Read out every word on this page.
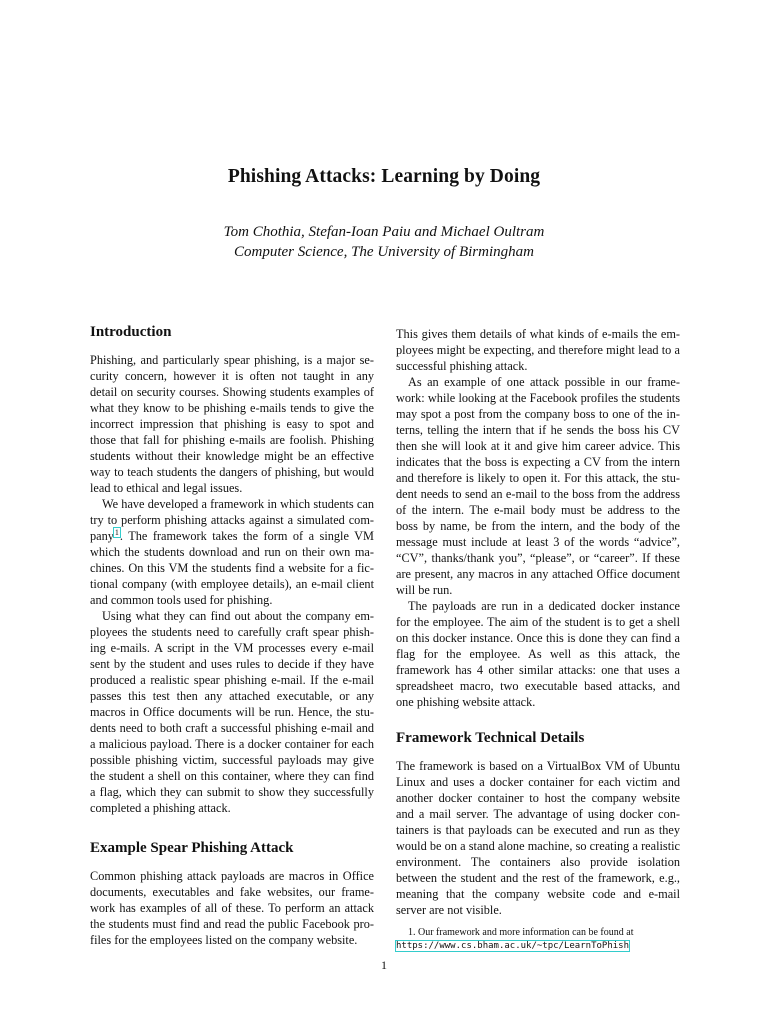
Phishing Attacks: Learning by Doing
Tom Chothia, Stefan-Ioan Paiu and Michael Oultram
Computer Science, The University of Birmingham
Introduction

Phishing, and particularly spear phishing, is a major security concern, however it is often not taught in any detail on security courses. Showing students examples of what they know to be phishing e-mails tends to give the incorrect impression that phishing is easy to spot and those that fall for phishing e-mails are foolish. Phishing students without their knowledge might be an effective way to teach students the dangers of phishing, but would lead to ethical and legal issues.

We have developed a framework in which students can try to perform phishing attacks against a simulated company$^1$. The framework takes the form of a single VM which the students download and run on their own machines. On this VM the students find a website for a fictional company (with employee details), an e-mail client and common tools used for phishing.

Using what they can find out about the company employees the students need to carefully craft spear phishing e-mails. A script in the VM processes every e-mail sent by the student and uses rules to decide if they have produced a realistic spear phishing e-mail. If the e-mail passes this test then any attached executable, or any macros in Office documents will be run. Hence, the students need to both craft a successful phishing e-mail and a malicious payload. There is a docker container for each possible phishing victim, successful payloads may give the student a shell on this container, where they can find a flag, which they can submit to show they successfully completed a phishing attack.

Example Spear Phishing Attack

Common phishing attack payloads are macros in Office documents, executables and fake websites, our framework has examples of all of these. To perform an attack the students must find and read the public Facebook profiles for the employees listed on the company website.

This gives them details of what kinds of e-mails the employees might be expecting, and therefore might lead to a successful phishing attack.

As an example of one attack possible in our framework: while looking at the Facebook profiles the students may spot a post from the company boss to one of the interns, telling the intern that if he sends the boss his CV then she will look at it and give him career advice. This indicates that the boss is expecting a CV from the intern and therefore is likely to open it. For this attack, the student needs to send an e-mail to the boss from the address of the intern. The e-mail body must be address to the boss by name, be from the intern, and the body of the message must include at least 3 of the words “advice”, “CV”, thanks/thank you”, “please”, or “career”. If these are present, any macros in any attached Office document will be run.

The payloads are run in a dedicated docker instance for the employee. The aim of the student is to get a shell on this docker instance. Once this is done they can find a flag for the employee. As well as this attack, the framework has 4 other similar attacks: one that uses a spreadsheet macro, two executable based attacks, and one phishing website attack.

Framework Technical Details

The framework is based on a VirtualBox VM of Ubuntu Linux and uses a docker container for each victim and another docker container to host the company website and a mail server. The advantage of using docker containers is that payloads can be executed and run as they would be on a stand alone machine, so creating a realistic environment. The containers also provide isolation between the student and the rest of the framework, e.g., meaning that the company website code and e-mail server are not visible.

1. Our framework and more information can be found at https://www.cs.bham.ac.uk/~tpc/LearnToPhish
1
